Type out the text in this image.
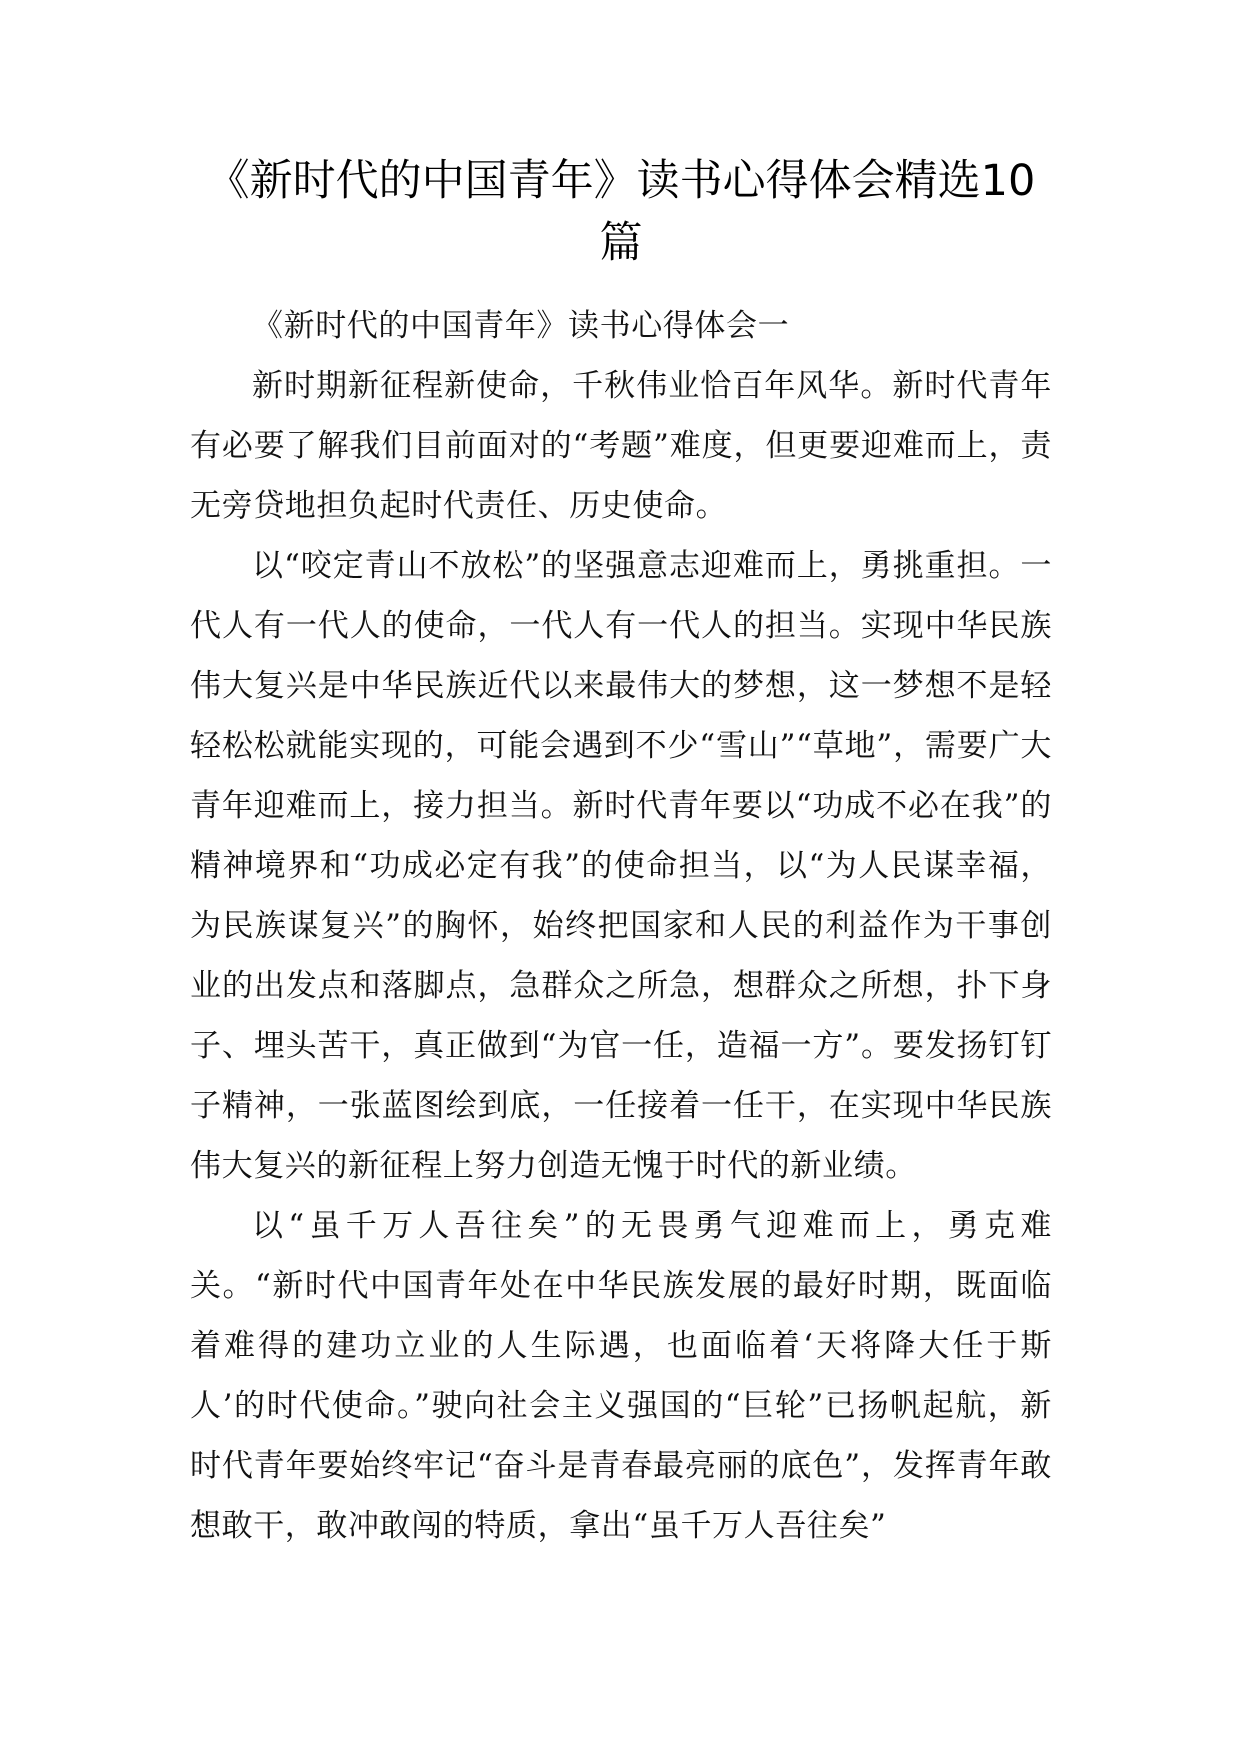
《新时代的中国青年》读书心得体会精选10篇

《新时代的中国青年》读书心得体会一

新时期新征程新使命，千秋伟业恰百年风华。新时代青年有必要了解我们目前面对的“考题”难度，但更要迎难而上，责无旁贷地担负起时代责任、历史使命。

以“咬定青山不放松”的坚强意志迎难而上，勇挑重担。一代人有一代人的使命，一代人有一代人的担当。实现中华民族伟大复兴是中华民族近代以来最伟大的梦想，这一梦想不是轻轻松松就能实现的，可能会遇到不少“雪山”“草地”，需要广大青年迎难而上，接力担当。新时代青年要以“功成不必在我”的精神境界和“功成必定有我”的使命担当，以“为人民谋幸福，为民族谋复兴”的胸怀，始终把国家和人民的利益作为干事创业的出发点和落脚点，急群众之所急，想群众之所想，扑下身子、埋头苦干，真正做到“为官一任，造福一方”。要发扬钉钉子精神，一张蓝图绘到底，一任接着一任干，在实现中华民族伟大复兴的新征程上努力创造无愧于时代的新业绩。

以“虽千万人吾往矣”的无畏勇气迎难而上，勇克难关。“新时代中国青年处在中华民族发展的最好时期，既面临着难得的建功立业的人生际遇，也面临着‘天将降大任于斯人’的时代使命。”驶向社会主义强国的“巨轮”已扬帆起航，新时代青年要始终牢记“奋斗是青春最亮丽的底色”，发挥青年敢想敢干，敢冲敢闯的特质，拿出“虽千万人吾往矣”
